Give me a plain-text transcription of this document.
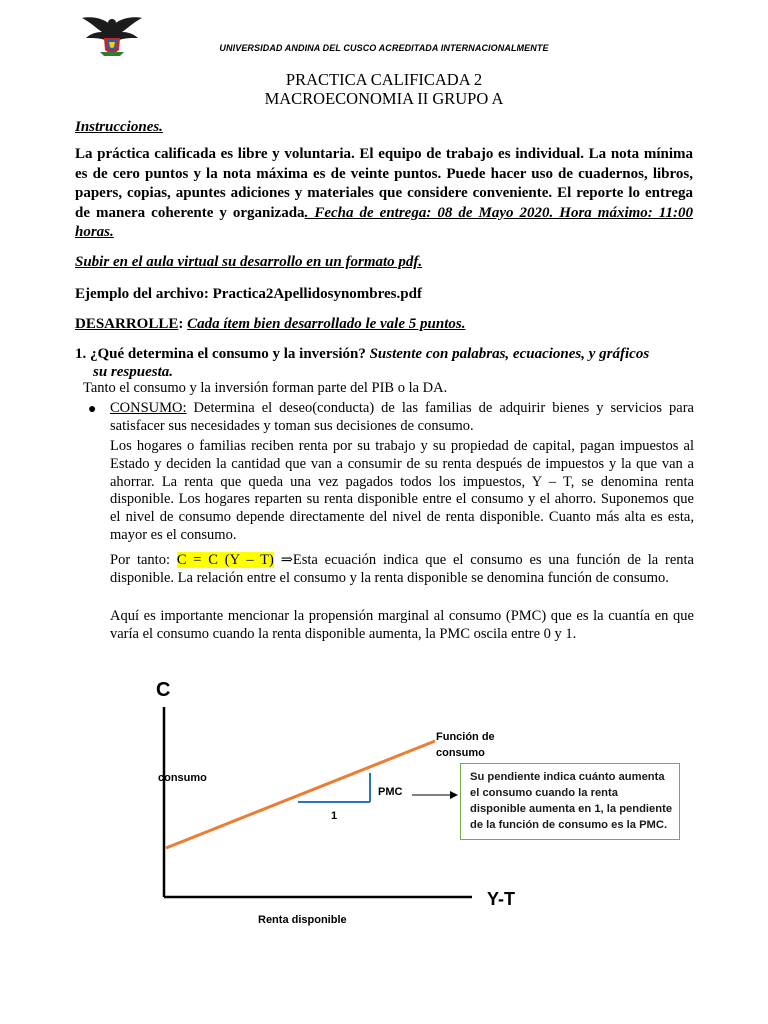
UNIVERSIDAD ANDINA DEL CUSCO ACREDITADA INTERNACIONALMENTE
PRACTICA CALIFICADA 2
MACROECONOMIA II GRUPO A
Instrucciones.
La práctica calificada es libre y voluntaria. El equipo de trabajo es individual. La nota mínima es de cero puntos y la nota máxima es de veinte puntos. Puede hacer uso de cuadernos, libros, papers, copias, apuntes adiciones y materiales que considere conveniente. El reporte lo entrega de manera coherente y organizada. Fecha de entrega: 08 de Mayo 2020. Hora máximo: 11:00 horas.
Subir en el aula virtual su desarrollo en un formato pdf.
Ejemplo del archivo: Practica2Apellidosynombres.pdf
DESARROLLE: Cada ítem bien desarrollado le vale 5 puntos.
1. ¿Qué determina el consumo y la inversión? Sustente con palabras, ecuaciones, y gráficos
su respuesta.
Tanto el consumo y la inversión forman parte del PIB o la DA.
● CONSUMO: Determina el deseo(conducta) de las familias de adquirir bienes y servicios para satisfacer sus necesidades y toman sus decisiones de consumo.
Los hogares o familias reciben renta por su trabajo y su propiedad de capital, pagan impuestos al Estado y deciden la cantidad que van a consumir de su renta después de impuestos y la que van a ahorrar. La renta que queda una vez pagados todos los impuestos, Y – T, se denomina renta disponible. Los hogares reparten su renta disponible entre el consumo y el ahorro. Suponemos que el nivel de consumo depende directamente del nivel de renta disponible. Cuanto más alta es esta, mayor es el consumo.
Por tanto: C = C (Y – T) ⇒Esta ecuación indica que el consumo es una función de la renta disponible. La relación entre el consumo y la renta disponible se denomina función de consumo.
Aquí es importante mencionar la propensión marginal al consumo (PMC) que es la cuantía en que varía el consumo cuando la renta disponible aumenta, la PMC oscila entre 0 y 1.
C
consumo
Y-T
Renta disponible
1
PMC
Función de consumo
Su pendiente indica cuánto aumenta el consumo cuando la renta disponible aumenta en 1, la pendiente de la función de consumo es la PMC.
